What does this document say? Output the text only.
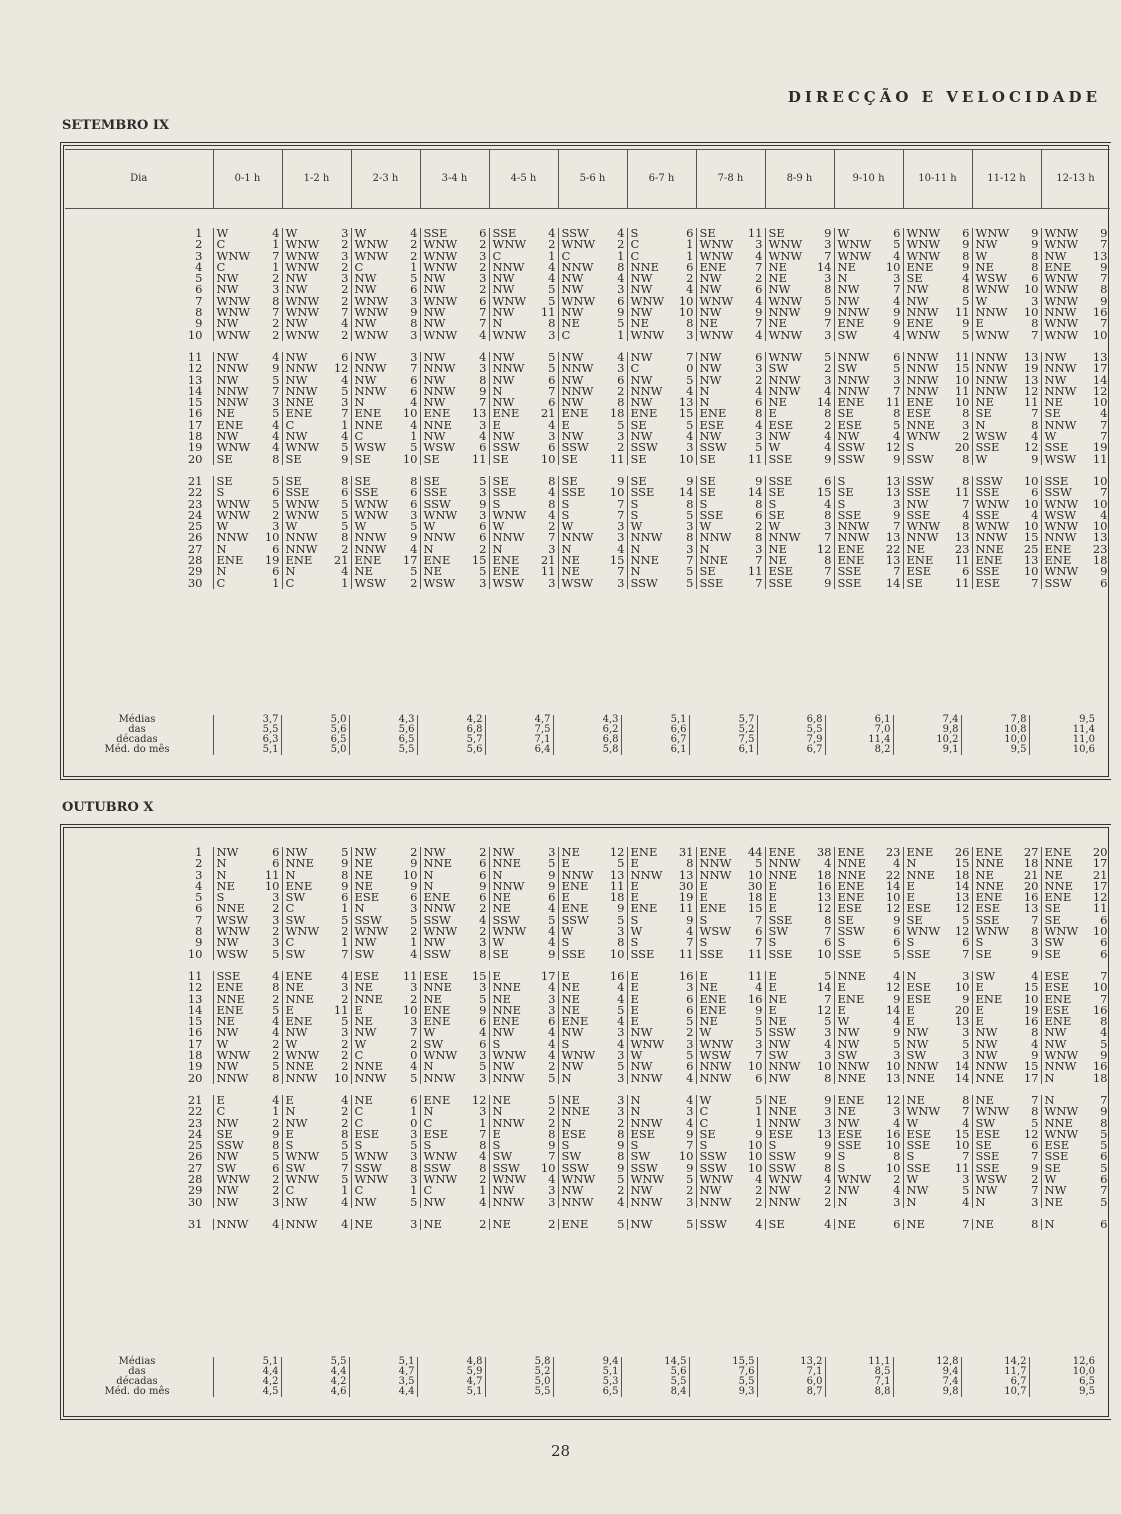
DIRECÇÃO E VELOCIDADE
SETEMBRO IX
Dia	0-1 h	1-2 h	2-3 h	3-4 h	4-5 h	5-6 h	6-7 h	7-8 h	8-9 h	9-10 h	10-11 h	11-12 h	12-13 h

1	W 4	W 3	W 4	SSE 6	SSE 4	SSW 4	S 6	SE 11	SE 9	W 6	WNW 6	WNW 9	WNW 9

2	C 1	WNW 2	WNW 2	WNW 2	WNW 2	WNW 2	C 1	WNW 3	WNW 3	WNW 5	WNW 9	NW 9	WNW 7

3	WNW 7	WNW 3	WNW 2	WNW 3	C 1	C 1	C 1	WNW 4	WNW 7	WNW 4	WNW 8	W 8	NW 13

4	C 1	WNW 2	C 1	WNW 2	NNW 4	NNW 8	NNE 6	ENE 7	NE 14	NE 10	ENE 9	NE 8	ENE 9

5	NW 2	NW 3	NW 5	NW 3	NW 4	NW 4	NW 2	NW 2	NE 3	N 3	SE 4	WSW 6	WNW 7

6	NW 3	NW 2	NW 6	NW 2	NW 5	NW 3	NW 4	NW 6	NW 8	NW 7	NW 8	WNW 10	WNW 8

7	WNW 8	WNW 2	WNW 3	WNW 6	WNW 5	WNW 6	WNW 10	WNW 4	WNW 5	NW 4	NW 5	W 3	WNW 9

8	WNW 7	WNW 7	WNW 9	NW 7	NW 11	NW 9	NW 10	NW 9	NNW 9	NNW 9	NNW 11	NNW 10	NNW 16

9	NW 2	NW 4	NW 8	NW 7	N 8	NE 5	NE 8	NE 7	NE 7	ENE 9	ENE 9	E 8	WNW 7

10	WNW 2	WNW 2	WNW 3	WNW 4	WNW 3	C 1	WNW 3	WNW 4	WNW 3	SW 4	WNW 5	WNW 7	WNW 10

11	NW 4	NW 6	NW 3	NW 4	NW 5	NW 4	NW 7	NW 6	WNW 5	NNW 6	NNW 11	NNW 13	NW 13

12	NNW 9	NNW 12	NNW 7	NNW 3	NNW 5	NNW 3	C 0	NW 3	SW 2	SW 5	NNW 15	NNW 19	NNW 17

13	NW 5	NW 4	NW 6	NW 8	NW 6	NW 6	NW 5	NW 2	NNW 3	NNW 3	NNW 10	NNW 13	NW 14

14	NNW 7	NNW 5	NNW 6	NNW 9	N 7	NNW 2	NNW 4	N 4	NNW 4	NNW 7	NNW 11	NNW 12	NNW 12

15	NNW 3	NNE 3	N 4	NW 7	NW 6	NW 8	NW 13	N 6	NE 14	ENE 11	ENE 10	NE 11	NE 10

16	NE 5	ENE 7	ENE 10	ENE 13	ENE 21	ENE 18	ENE 15	ENE 8	E 8	SE 8	ESE 8	SE 7	SE 4

17	ENE 4	C 1	NNE 4	NNE 3	E 4	E 5	SE 5	ESE 4	ESE 2	ESE 5	NNE 3	N 8	NNW 7

18	NW 4	NW 4	C 1	NW 4	NW 3	NW 3	NW 4	NW 3	NW 4	NW 4	WNW 2	WSW 4	W 7

19	WNW 4	WNW 5	WSW 5	WSW 6	SSW 6	SSW 2	SSW 3	SSW 5	W 4	SSW 12	S 20	SSE 12	SSE 19

20	SE 8	SE 9	SE 10	SE 11	SE 10	SE 11	SE 10	SE 11	SSE 9	SSW 9	SSW 8	W 9	WSW 11

21	SE 5	SE 8	SE 8	SE 5	SE 8	SE 9	SE 9	SE 9	SSE 6	S 13	SSW 8	SSW 10	SSE 10

22	S 6	SSE 6	SSE 6	SSE 3	SSE 4	SSE 10	SSE 14	SE 14	SE 15	SE 13	SSE 11	SSE 6	SSW 7

23	WNW 5	WNW 5	WNW 6	SSW 9	S 8	S 7	S 8	S 8	S 4	S 3	NW 7	WNW 10	WNW 10

24	WNW 2	WNW 5	WNW 3	WNW 3	WNW 4	S 7	S 5	SSE 6	SE 8	SSE 9	SSE 4	SSE 4	WSW 4

25	W 3	W 5	W 5	W 6	W 2	W 3	W 3	W 2	W 3	NNW 7	WNW 8	WNW 10	WNW 10

26	NNW 10	NNW 8	NNW 9	NNW 6	NNW 7	NNW 3	NNW 8	NNW 8	NNW 7	NNW 13	NNW 13	NNW 15	NNW 13

27	N 6	NNW 2	NNW 4	N 2	N 3	N 4	N 3	N 3	NE 12	ENE 22	NE 23	NNE 25	ENE 23

28	ENE 19	ENE 21	ENE 17	ENE 15	ENE 21	NE 15	NNE 7	NNE 7	NE 8	ENE 13	ENE 11	ENE 13	ENE 18

29	N 6	N 4	NE 5	NE 5	ENE 11	NE 7	N 5	SE 11	ESE 7	SSE 7	ESE 6	SSE 10	WNW 9

30	C 1	C 1	WSW 2	WSW 3	WSW 3	WSW 3	SSW 5	SSE 7	SSE 9	SSE 14	SE 11	ESE 7	SSW 6
Médias
das
décadas
Méd. do mês
	3,7	5,0	4,3	4,2	4,7	4,3	5,1	5,7	6,8	6,1	7,4	7,8	9,5
	5,5	5,6	5,6	6,8	7,5	6,2	6,6	5,2	5,5	7,0	9,8	10,8	11,4
	6,3	6,5	6,5	5,7	7,1	6,8	6,7	7,5	7,9	11,4	10,2	10,0	11,0
	5,1	5,0	5,5	5,6	6,4	5,8	6,1	6,1	6,7	8,2	9,1	9,5	10,6
OUTUBRO X
1	NW 6	NW 5	NW 2	NW 2	NW 3	NE 12	ENE 31	ENE 44	ENE 38	ENE 23	ENE 26	ENE 27	ENE 20

2	N 6	NNE 9	NE 9	NNE 6	NNE 5	E 5	E 8	NNW 5	NNW 4	NNE 4	N 15	NNE 18	NNE 17

3	N 11	N 8	NE 10	N 6	N 9	NNW 13	NNW 13	NNW 10	NNE 18	NNE 22	NNE 18	NE 21	NE 21

4	NE 10	ENE 9	NE 9	N 9	NNW 9	ENE 11	E 30	E 30	E 16	ENE 14	E 14	NNE 20	NNE 17

5	S 3	SW 6	ESE 6	ENE 6	NE 6	E 18	E 19	E 18	E 13	ENE 10	E 13	ENE 16	ENE 12

6	NNE 2	C 1	N 3	NNW 2	NE 4	ENE 9	ENE 11	ENE 15	E 12	ESE 12	ESE 12	ESE 13	SE 11

7	WSW 3	SW 5	SSW 5	SSW 4	SSW 5	SSW 5	S 9	S 7	SSE 8	SE 9	SE 5	SSE 7	SE 6

8	WNW 2	WNW 2	WNW 2	WNW 2	WNW 4	W 3	W 4	WSW 6	SW 7	SSW 6	WNW 12	WNW 8	WNW 10

9	NW 3	C 1	NW 1	NW 3	W 4	S 8	S 7	S 7	S 6	S 6	S 6	S 3	SW 6

10	WSW 5	SW 7	SW 4	SSW 8	SE 9	SSE 10	SSE 11	SSE 11	SSE 10	SSE 5	SSE 7	SE 9	SE 6

11	SSE 4	ENE 4	ESE 11	ESE 15	E 17	E 16	E 16	E 11	E 5	NNE 4	N 3	SW 4	ESE 7

12	ENE 8	NE 3	NE 3	NNE 3	NNE 4	NE 4	E 3	NE 4	E 14	E 12	ESE 10	E 15	ESE 10

13	NNE 2	NNE 2	NNE 2	NE 5	NE 3	NE 4	E 6	ENE 16	NE 7	ENE 9	ESE 9	ENE 10	ENE 7

14	ENE 5	E 11	E 10	ENE 9	NNE 3	NE 5	E 6	ENE 9	E 12	E 14	E 20	E 19	ESE 16

15	NE 4	ENE 5	NE 3	ENE 6	ENE 6	ENE 4	E 5	NE 5	NE 5	W 4	E 13	E 16	ENE 8

16	NW 4	NW 3	NW 7	W 4	NW 4	NW 3	NW 2	W 5	SSW 3	NW 9	NW 3	NW 8	NW 4

17	W 2	W 2	W 2	SW 6	S 4	S 4	WNW 3	WNW 3	NW 4	NW 5	NW 5	NW 4	NW 5

18	WNW 2	WNW 2	C 0	WNW 3	WNW 4	WNW 3	W 5	WSW 7	SW 3	SW 3	SW 3	NW 9	WNW 9

19	NW 5	NNE 2	NNE 4	N 5	NW 2	NW 5	NW 6	NNW 10	NNW 10	NNW 10	NNW 14	NNW 15	NNW 16

20	NNW 8	NNW 10	NNW 5	NNW 3	NNW 5	N 3	NNW 4	NNW 6	NW 8	NNE 13	NNE 14	NNE 17	N 18

21	E 4	E 4	NE 6	ENE 12	NE 5	NE 3	N 4	W 5	NE 9	ENE 12	NE 8	NE 7	N 7

22	C 1	N 2	C 1	N 3	N 2	NNE 3	N 3	C 1	NNE 3	NE 3	WNW 7	WNW 8	WNW 9

23	NW 2	NW 2	C 0	C 1	NNW 2	N 2	NNW 4	C 1	NNW 3	NW 4	W 4	SW 5	NNE 8

24	SE 9	E 8	ESE 3	ESE 7	E 8	ESE 8	ESE 9	SE 9	ESE 13	ESE 16	ESE 15	ESE 12	WNW 5

25	SSW 8	S 5	S 5	S 8	S 9	S 9	S 7	S 10	S 9	SSE 10	SSE 10	SE 6	ESE 5

26	NW 5	WNW 5	WNW 3	WNW 4	SW 7	SW 8	SW 10	SSW 10	SSW 9	S 8	S 7	SSE 7	SSE 6

27	SW 6	SW 7	SSW 8	SSW 8	SSW 10	SSW 9	SSW 9	SSW 10	SSW 8	S 10	SSE 11	SSE 9	SE 5

28	WNW 2	WNW 5	WNW 3	WNW 2	WNW 4	WNW 5	WNW 5	WNW 4	WNW 4	WNW 2	W 3	WSW 2	W 6

29	NW 2	C 1	C 1	C 1	NW 3	NW 2	NW 2	NW 2	NW 2	NW 4	NW 5	NW 7	NW 7

30	NW 3	NW 4	NW 5	NW 4	NNW 3	NNW 4	NNW 3	NNW 2	NNW 2	N 3	N 4	N 3	NE 5

31	NNW 4	NNW 4	NE 3	NE 2	NE 2	ENE 5	NW 5	SSW 4	SE 4	NE 6	NE 7	NE 8	N 6
Médias
das
décadas
Méd. do mês
	5,1	5,5	5,1	4,8	5,8	9,4	14,5	15,5	13,2	11,1	12,8	14,2	12,6
	4,4	4,4	4,7	5,9	5,2	5,1	5,6	7,6	7,1	8,5	9,4	11,7	10,0
	4,2	4,2	3,5	4,7	5,0	5,3	5,5	5,5	6,0	7,1	7,4	6,7	6,5
	4,5	4,6	4,4	5,1	5,5	6,5	8,4	9,3	8,7	8,8	9,8	10,7	9,5
28
